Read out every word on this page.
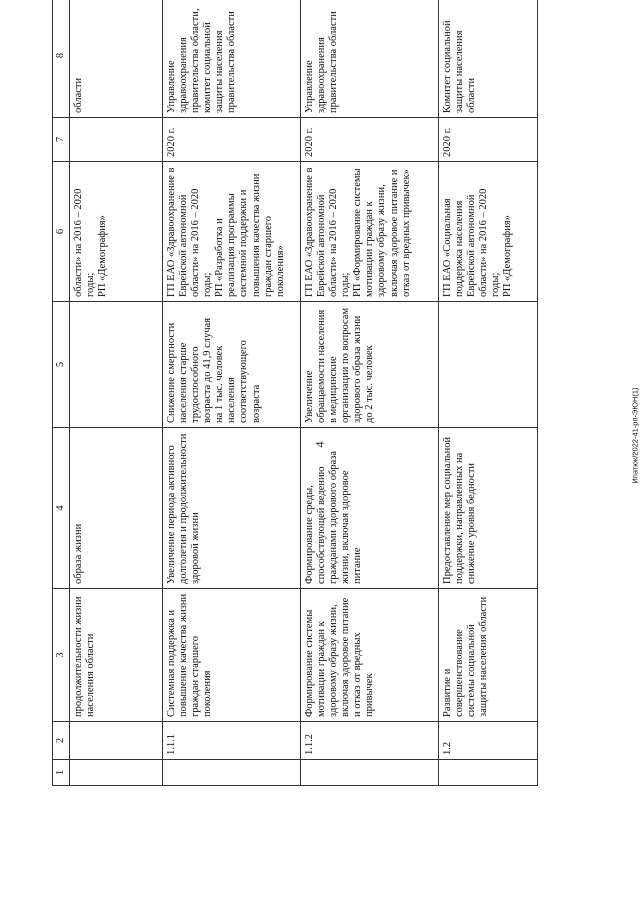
4	Ипатюк/2022-41-рп-ЭЮН(1)
1	2	3	4	5	6	7	8
		продолжительности жизни населения области	образа жизни		области» на 2016 – 2020 годы;
РП «Демография»		области
	1.1.1	Системная поддержка и повышение качества жизни граждан старшего поколения	Увеличение периода активного долголетия и продолжительности здоровой жизни	Снижение смертности населения старше трудоспособного возраста до 41,9 случая на 1 тыс. человек населения соответствующего возраста	ГП ЕАО «Здравоохранение в Еврейской автономной области» на 2016 – 2020 годы;
РП «Разработка и реализация программы системной поддержки и повышения качества жизни граждан старшего поколения»	2020 г.	Управление здравоохранения правительства области, комитет социальной защиты населения правительства области
	1.1.2	Формирование системы мотивации граждан к здоровому образу жизни, включая здоровое питание и отказ от вредных привычек	Формирование среды, способствующей ведению гражданами здорового образа жизни, включая здоровое питание	Увеличение обращаемости населения в медицинские организации по вопросам здорового образа жизни до 2 тыс. человек	ГП ЕАО «Здравоохранение в Еврейской автономной области» на 2016 – 2020 годы;
РП «Формирование системы мотивации граждан к здоровому образу жизни, включая здоровое питание и отказ от вредных привычек»	2020 г.	Управление здравоохранения правительства области
	1.2	Развитие и совершенствование системы социальной защиты населения области	Предоставление мер социальной поддержки, направленных на снижение уровня бедности		ГП ЕАО «Социальная поддержка населения Еврейской автономной области» на 2016 – 2020 годы;
РП «Демография»	2020 г.	Комитет социальной защиты населения области
